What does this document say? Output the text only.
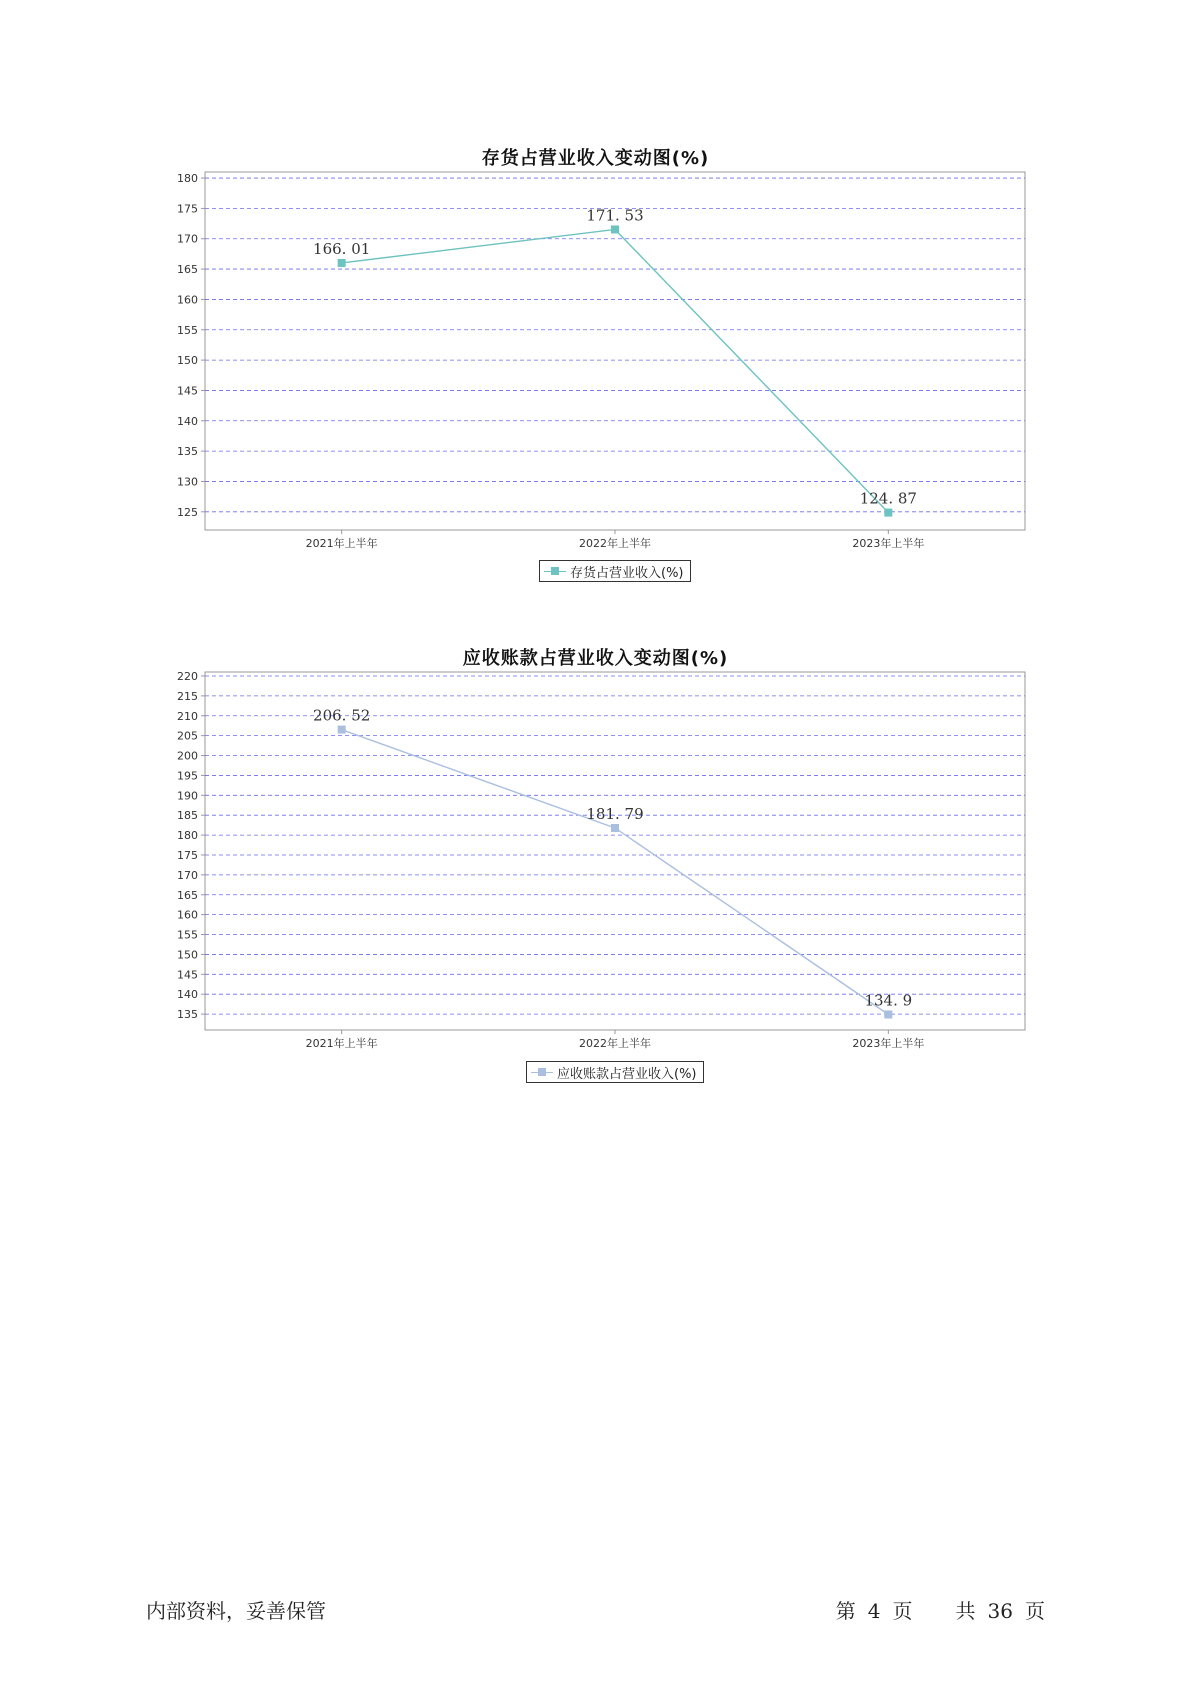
存货占营业收入变动图(%)
125
130
135
140
145
150
155
160
165
170
175
180
2021年上半年	2022年上半年	2023年上半年
166. 01
171. 53
124. 87
存货占营业收入(%)
应收账款占营业收入变动图(%)
135
140
145
150
155
160
165
170
175
180
185
190
195
200
205
210
215
220
2021年上半年	2022年上半年	2023年上半年
206. 52
181. 79
134. 9
应收账款占营业收入(%)
内部资料，妥善保管	第 4 页 共 36 页
